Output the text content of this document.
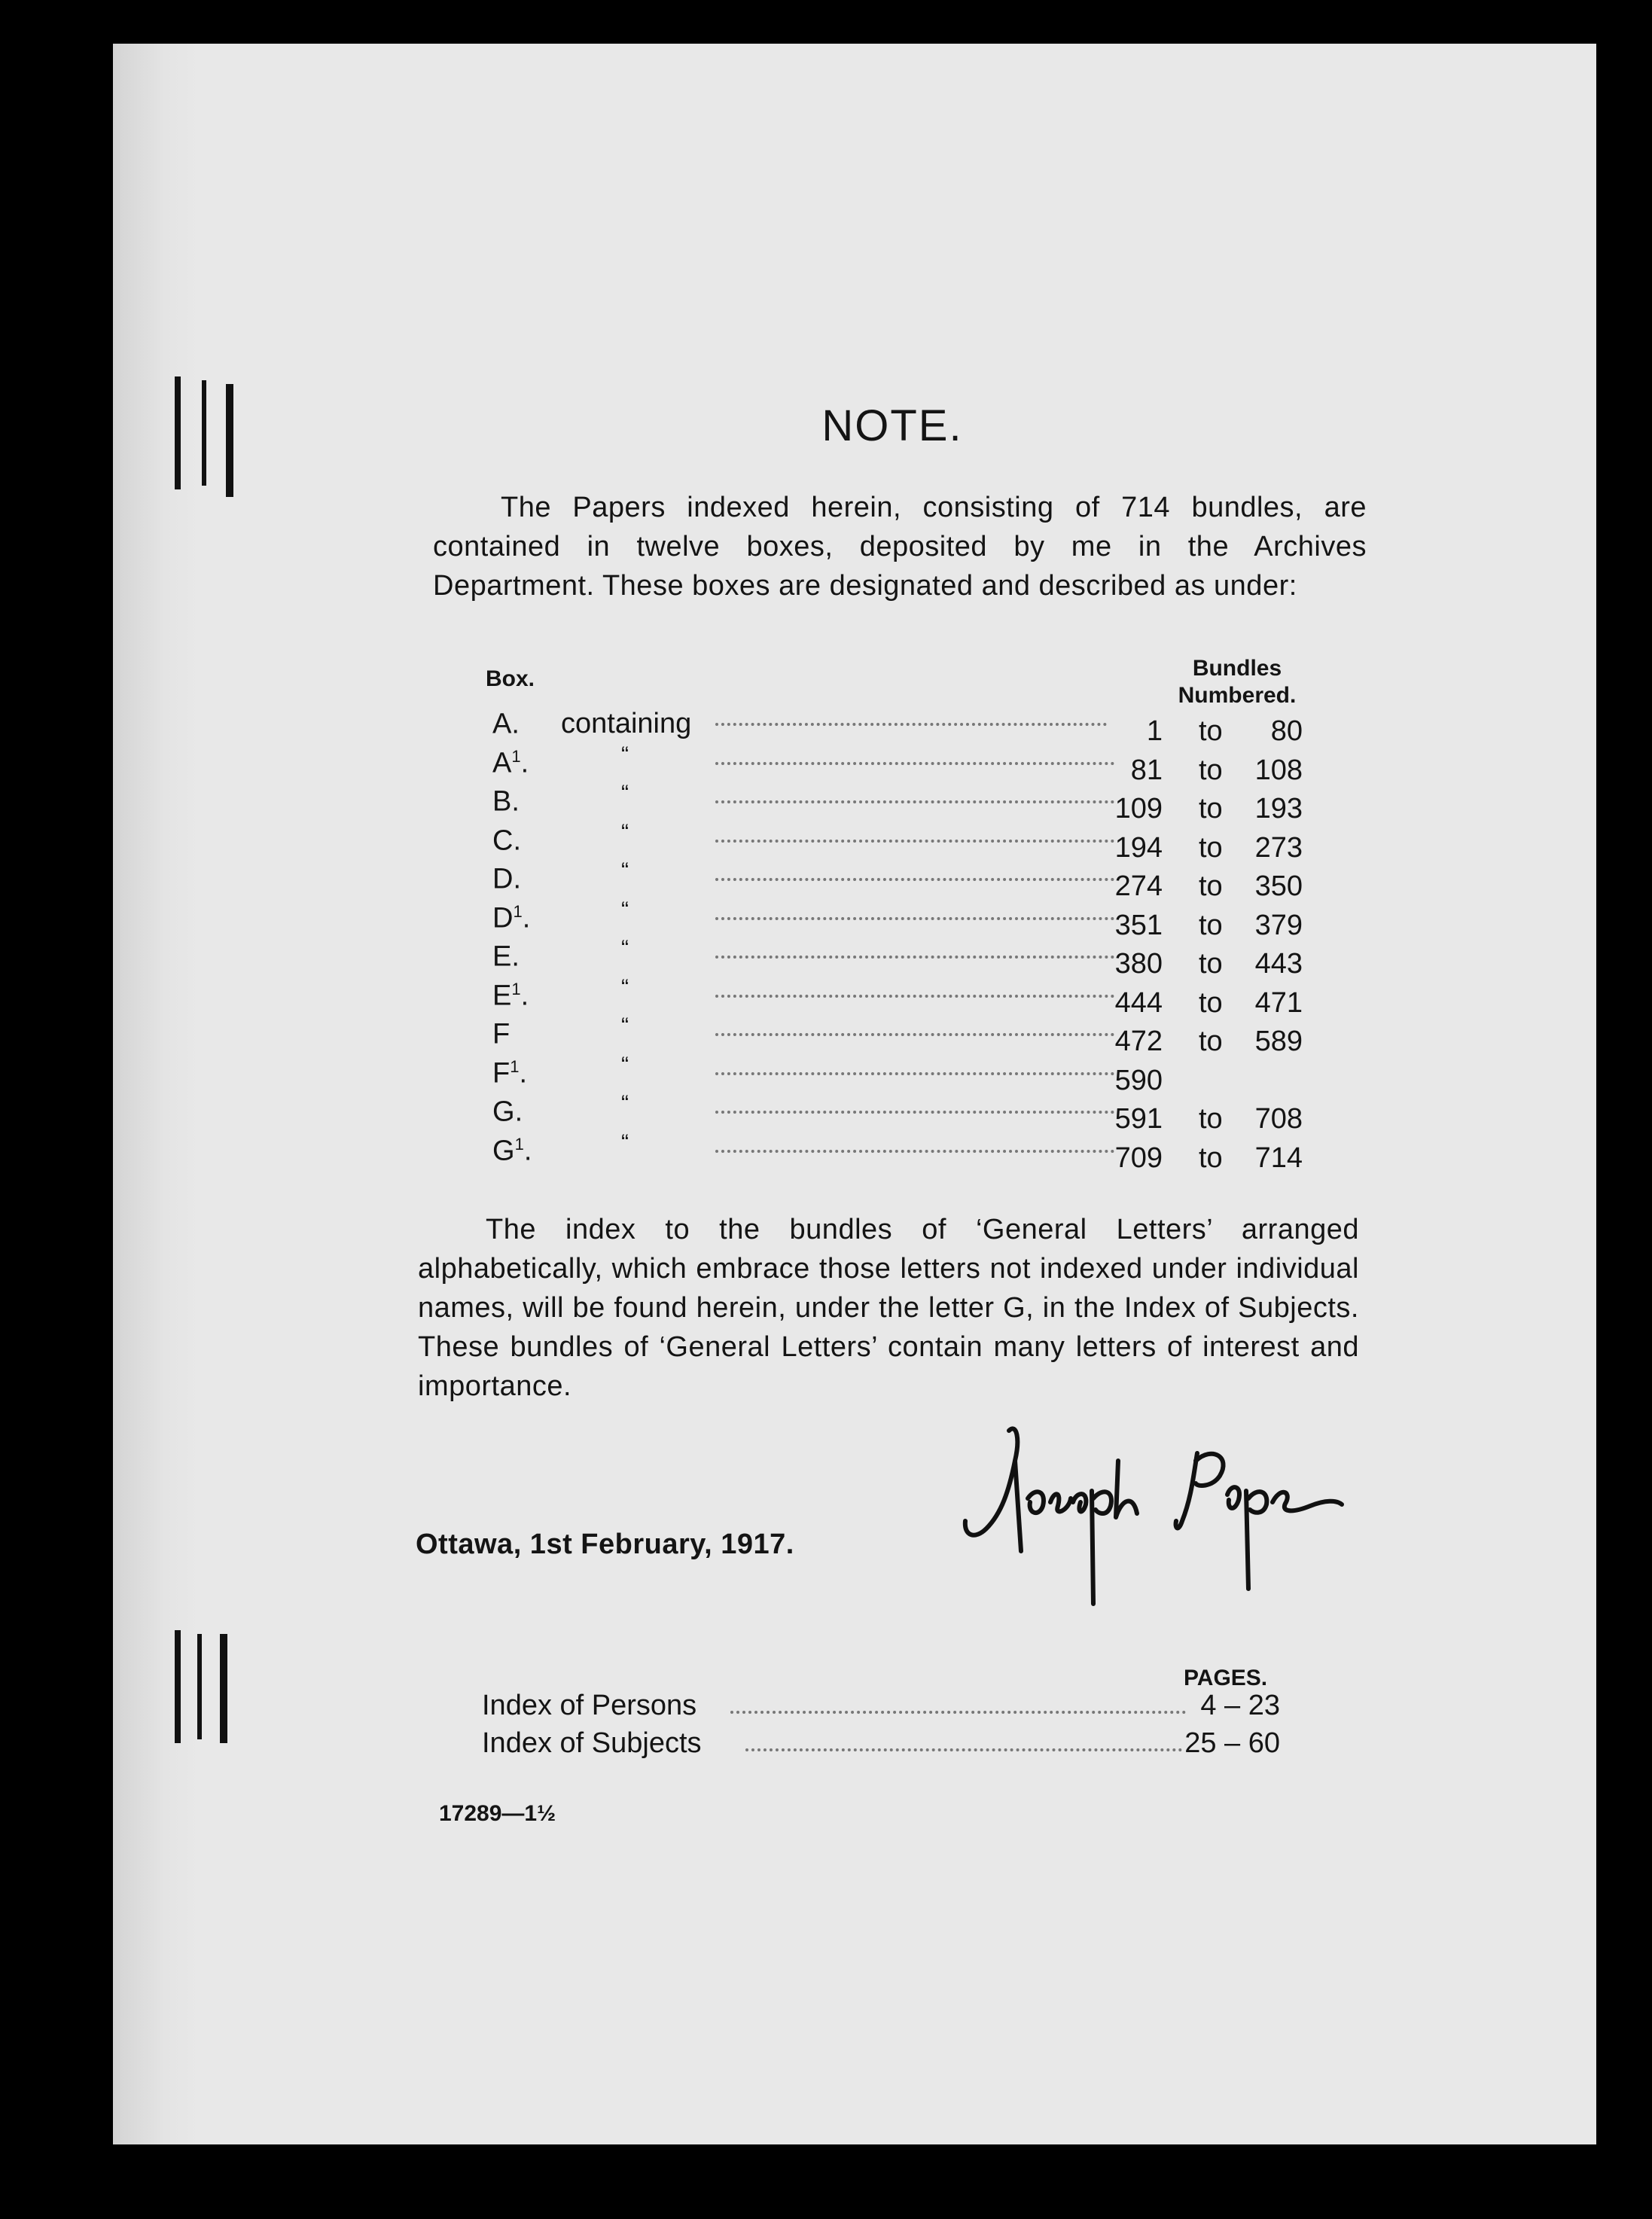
NOTE.

The Papers indexed herein, consisting of 714 bundles, are contained in twelve boxes, deposited by me in the Archives Department. These boxes are designated and described as under:

Box.	Bundles
Numbered.
A. containing	1 to	80
$A^1$.	“	81 to	108
B.	“	109 to	193
C.	“	194 to	273
D.	“	274 to	350
$D^1$.	“	351 to	379
E.	“	380 to	443
$E^1$.	“	444 to	471
F	“	472 to	589
$F^1$.	“	590
G.	“	591 to	708
$G^1$.	“	709 to	714

The index to the bundles of ‘General Letters’ arranged alphabetically, which embrace those letters not indexed under individual names, will be found herein, under the letter G, in the Index of Subjects. These bundles of ‘General Letters’ contain many letters of interest and importance.

Ottawa, 1st February, 1917.
PAGES.
Index of Persons	4 – 23
Index of Subjects	25 – 60
17289—1½
